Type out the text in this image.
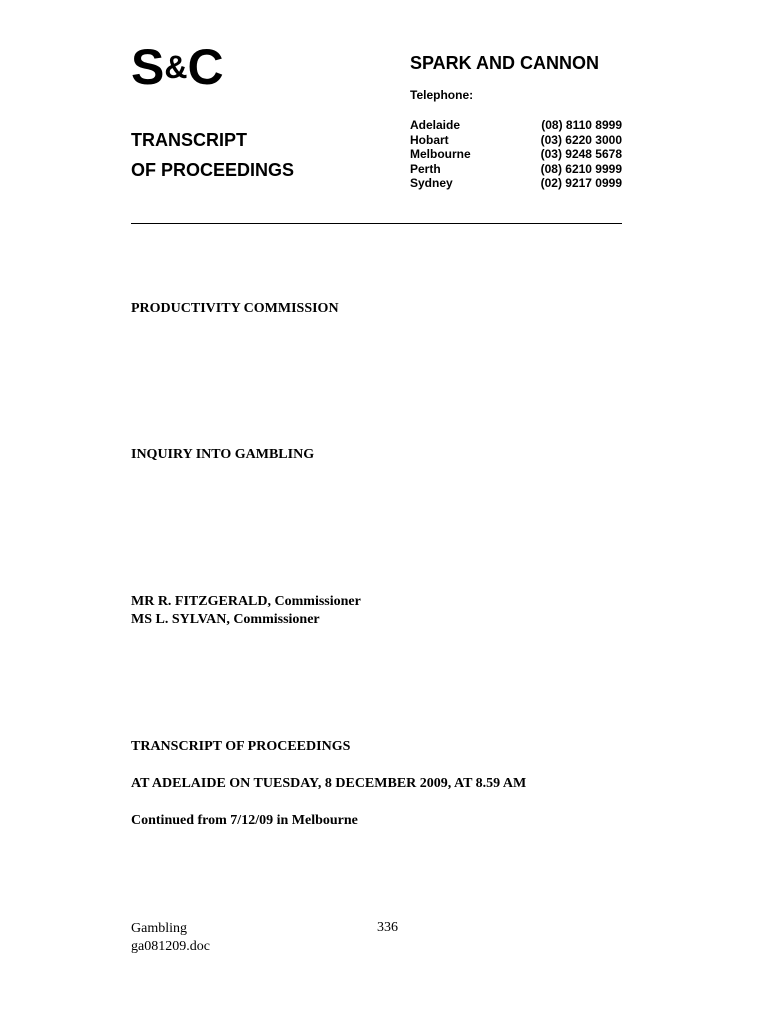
S&C	SPARK AND CANNON
Telephone:
Adelaide	(08) 8110 8999
Hobart	(03) 6220 3000
Melbourne	(03) 9248 5678
Perth	(08) 6210 9999
Sydney	(02) 9217 0999
TRANSCRIPT
OF PROCEEDINGS
PRODUCTIVITY COMMISSION
INQUIRY INTO GAMBLING
MR R. FITZGERALD, Commissioner
MS L. SYLVAN, Commissioner
TRANSCRIPT OF PROCEEDINGS
AT ADELAIDE ON TUESDAY, 8 DECEMBER 2009, AT 8.59 AM
Continued from 7/12/09 in Melbourne
Gambling
ga081209.doc
336
